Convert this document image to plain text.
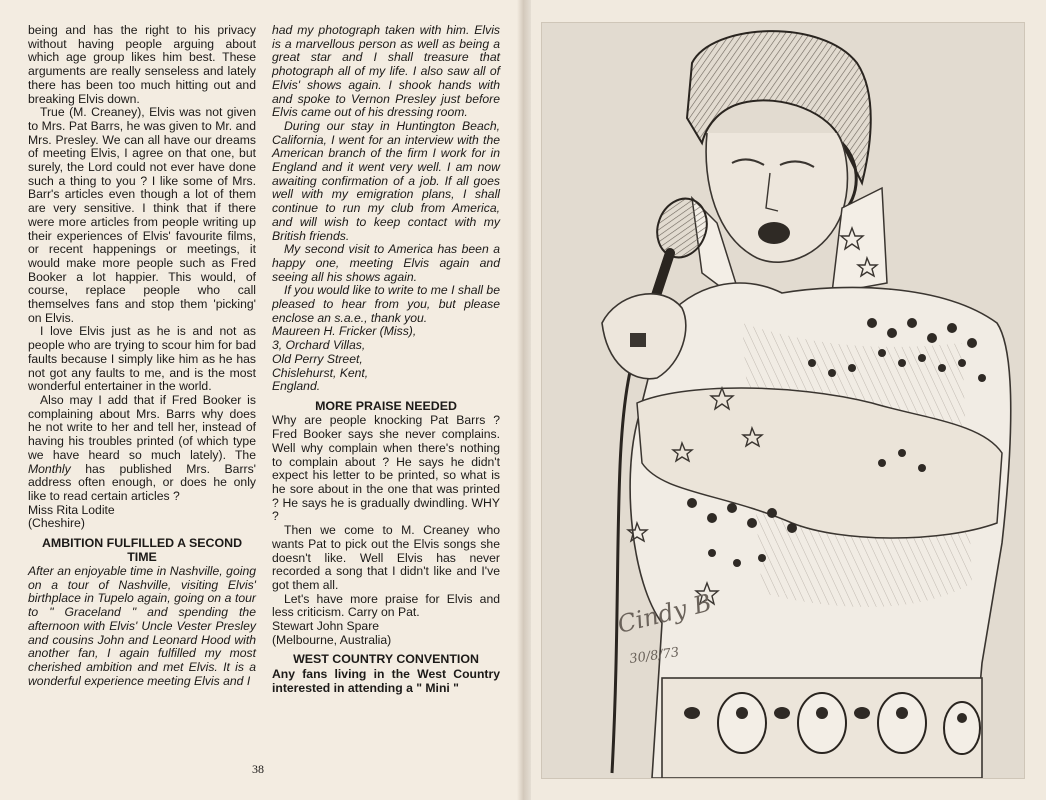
being and has the right to his privacy without having people arguing about which age group likes him best. These arguments are really senseless and lately there has been too much hitting out and breaking Elvis down.

True (M. Creaney), Elvis was not given to Mrs. Pat Barrs, he was given to Mr. and Mrs. Presley. We can all have our dreams of meeting Elvis, I agree on that one, but surely, the Lord could not ever have done such a thing to you ? I like some of Mrs. Barr's articles even though a lot of them are very sensitive. I think that if there were more articles from people writing up their experiences of Elvis' favourite films, or recent happenings or meetings, it would make more people such as Fred Booker a lot happier. This would, of course, replace people who call themselves fans and stop them 'picking' on Elvis.

I love Elvis just as he is and not as people who are trying to scour him for bad faults because I simply like him as he has not got any faults to me, and is the most wonderful entertainer in the world.

Also may I add that if Fred Booker is complaining about Mrs. Barrs why does he not write to her and tell her, instead of having his troubles printed (of which type we have heard so much lately). The Monthly has published Mrs. Barrs' address often enough, or does he only like to read certain articles ?

Miss Rita Lodite

(Cheshire)

AMBITION FULFILLED A SECOND TIME

After an enjoyable time in Nashville, going on a tour of Nashville, visiting Elvis' birthplace in Tupelo again, going on a tour to " Graceland " and spending the afternoon with Elvis' Uncle Vester Presley and cousins John and Leonard Hood with another fan, I again fulfilled my most cherished ambition and met Elvis. It is a wonderful experience meeting Elvis and I

had my photograph taken with him. Elvis is a marvellous person as well as being a great star and I shall treasure that photograph all of my life. I also saw all of Elvis' shows again. I shook hands with and spoke to Vernon Presley just before Elvis came out of his dressing room.

During our stay in Huntington Beach, California, I went for an interview with the American branch of the firm I work for in England and it went very well. I am now awaiting confirmation of a job. If all goes well with my emigration plans, I shall continue to run my club from America, and will wish to keep contact with my British friends.

My second visit to America has been a happy one, meeting Elvis again and seeing all his shows again.

If you would like to write to me I shall be pleased to hear from you, but please enclose an s.a.e., thank you.

Maureen H. Fricker (Miss),

3, Orchard Villas,

Old Perry Street,

Chislehurst, Kent,

England.

MORE PRAISE NEEDED

Why are people knocking Pat Barrs ? Fred Booker says she never complains. Well why complain when there's nothing to complain about ? He says he didn't expect his letter to be printed, so what is he sore about in the one that was printed ? He says he is gradually dwindling. WHY ?

Then we come to M. Creaney who wants Pat to pick out the Elvis songs she doesn't like. Well Elvis has never recorded a song that I didn't like and I've got them all.

Let's have more praise for Elvis and less criticism. Carry on Pat.

Stewart John Spare

(Melbourne, Australia)

WEST COUNTRY CONVENTION

Any fans living in the West Country interested in attending a " Mini "

38
Cindy B
30/8/73
